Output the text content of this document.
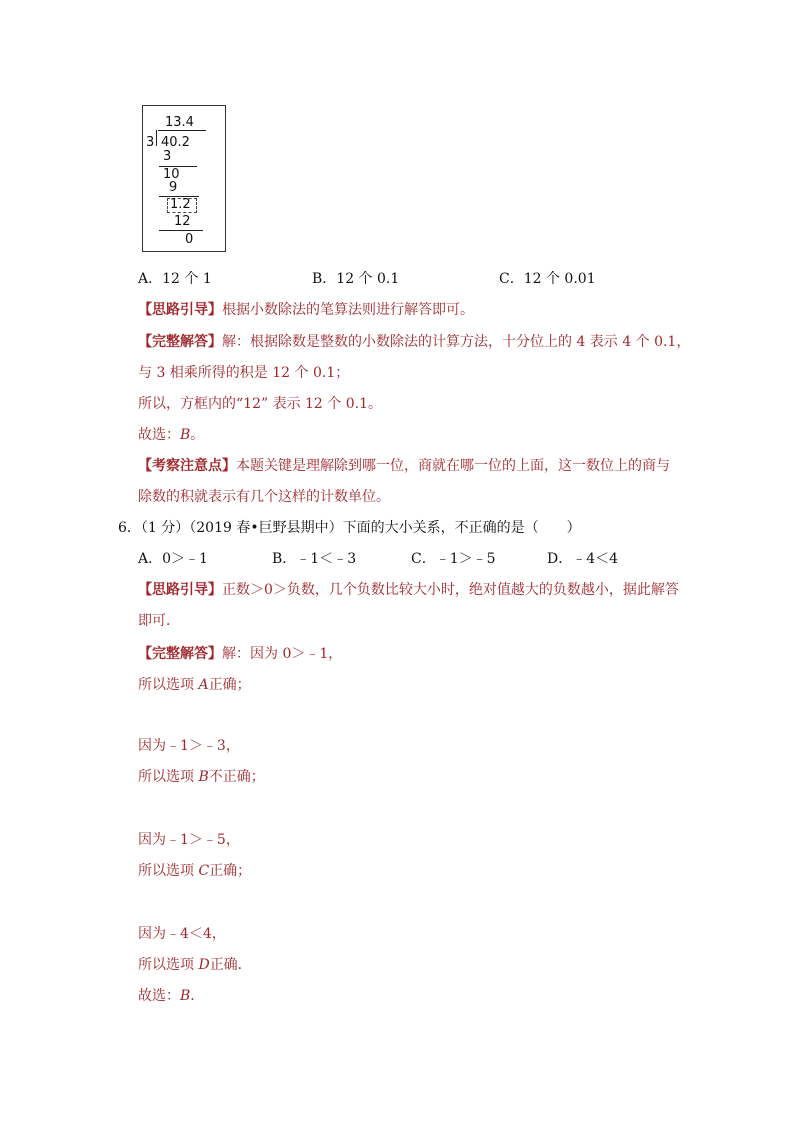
13.4
3 40.2
3
10
9
1.2
12
0
A．12 个 1	B．12 个 0.1	C．12 个 0.01
【思路引导】根据小数除法的笔算法则进行解答即可。
【完整解答】解：根据除数是整数的小数除法的计算方法，十分位上的 4 表示 4 个 0.1，
与 3 相乘所得的积是 12 个 0.1；
所以，方框内的“12” 表示 12 个 0.1。
故选：B。
【考察注意点】本题关键是理解除到哪一位，商就在哪一位的上面，这一数位上的商与
除数的积就表示有几个这样的计数单位。
6．（1 分）（2019 春•巨野县期中）下面的大小关系，不正确的是（　　）
A．0＞﹣1	B．﹣1＜﹣3	C．﹣1＞﹣5	D．﹣4＜4
【思路引导】正数＞0＞负数，几个负数比较大小时，绝对值越大的负数越小，据此解答
即可．
【完整解答】解：因为 0＞﹣1，
所以选项 A正确；
因为﹣1＞﹣3，
所以选项 B不正确；
因为﹣1＞﹣5，
所以选项 C正确；
因为﹣4＜4，
所以选项 D正确．
故选：B．
